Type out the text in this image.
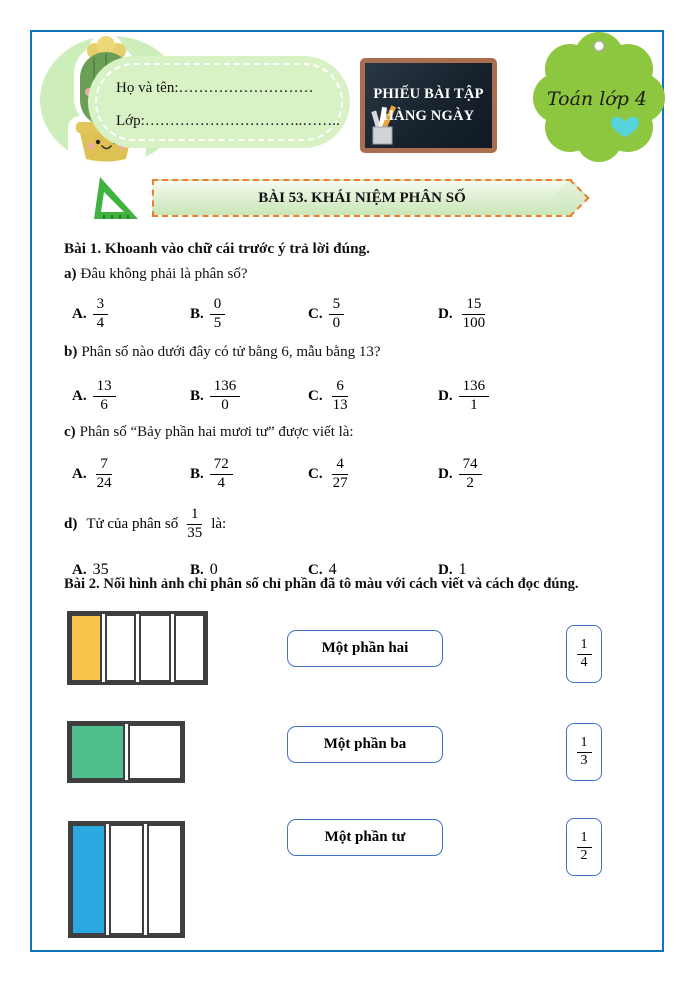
Họ và tên:………………………
Lớp:…………………………..……..
PHIẾU BÀI TẬP
HÀNG NGÀY
Toán lớp 4
BÀI 53. KHÁI NIỆM PHÂN SỐ
Bài 1. Khoanh vào chữ cái trước ý trả lời đúng.
a) Đâu không phải là phân số?
A. $\frac{3}{4}$	B. $\frac{0}{5}$	C. $\frac{5}{0}$	D. $\frac{15}{100}$
b) Phân số nào dưới đây có tử bằng 6, mẫu bằng 13?
A. $\frac{13}{6}$	B. $\frac{136}{0}$	C. $\frac{6}{13}$	D. $\frac{136}{1}$
c) Phân số “Bảy phần hai mươi tư” được viết là:
A. $\frac{7}{24}$	B. $\frac{72}{4}$	C. $\frac{4}{27}$	D. $\frac{74}{2}$
d) Tử của phân số $\frac{1}{35}$ là:
A. 35	B. 0	C. 4	D. 1
Bài 2. Nối hình ảnh chỉ phân số chỉ phần đã tô màu với cách viết và cách đọc đúng.
Một phần hai	$\frac{1}{4}$
Một phần ba	$\frac{1}{3}$
Một phần tư	$\frac{1}{2}$
